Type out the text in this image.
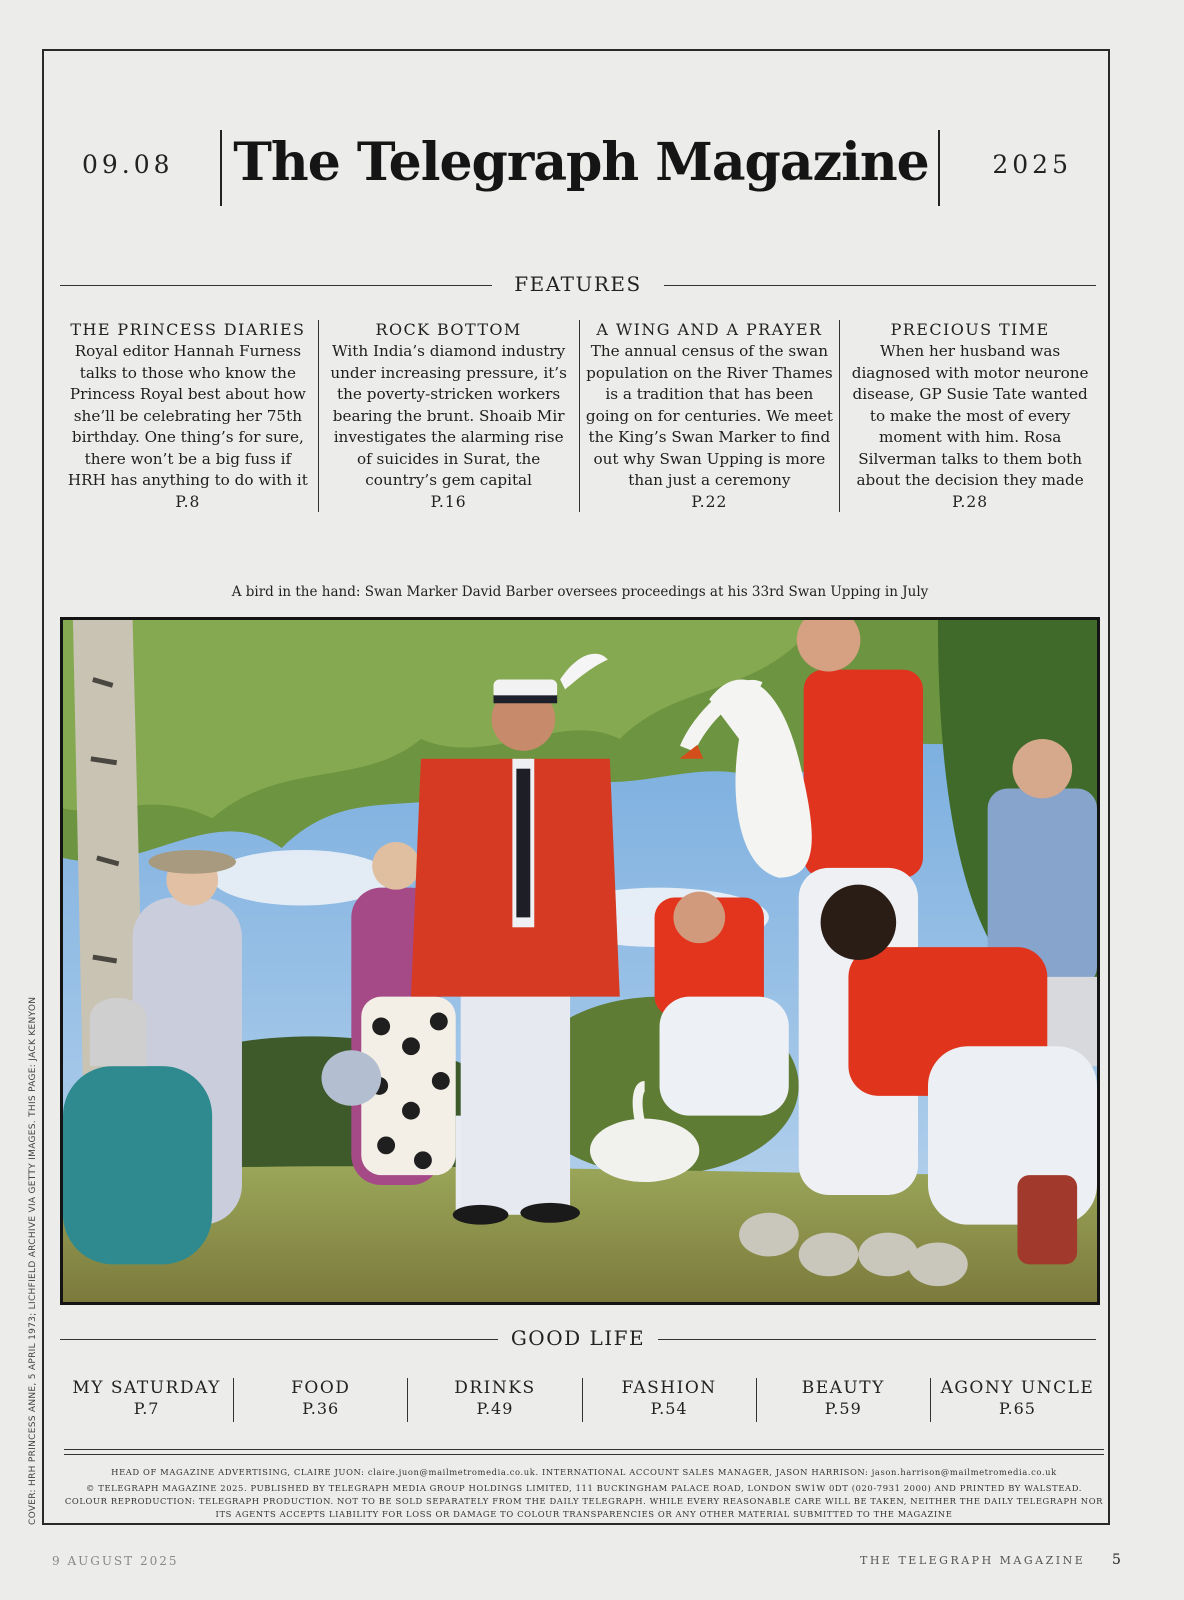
09.08 The Telegraph Magazine	2025
FEATURES
THE PRINCESS DIARIES
Royal editor Hannah Furness talks to those who know the Princess Royal best about how she’ll be celebrating her 75th birthday. One thing’s for sure, there won’t be a big fuss if HRH has anything to do with it
P.8
ROCK BOTTOM
With India’s diamond industry under increasing pressure, it’s the poverty-stricken workers bearing the brunt. Shoaib Mir investigates the alarming rise of suicides in Surat, the country’s gem capital
P.16
A WING AND A PRAYER
The annual census of the swan population on the River Thames is a tradition that has been going on for centuries. We meet the King’s Swan Marker to find out why Swan Upping is more than just a ceremony
P.22
PRECIOUS TIME
When her husband was diagnosed with motor neurone disease, GP Susie Tate wanted to make the most of every moment with him. Rosa Silverman talks to them both about the decision they made
P.28
A bird in the hand: Swan Marker David Barber oversees proceedings at his 33rd Swan Upping in July
GOOD LIFE
MY SATURDAY
P.7
FOOD
P.36
DRINKS
P.49
FASHION
P.54
BEAUTY
P.59
AGONY UNCLE
P.65

HEAD OF MAGAZINE ADVERTISING, CLAIRE JUON: claire.juon@mailmetromedia.co.uk. INTERNATIONAL ACCOUNT SALES MANAGER, JASON HARRISON: jason.harrison@mailmetromedia.co.uk

© TELEGRAPH MAGAZINE 2025. PUBLISHED BY TELEGRAPH MEDIA GROUP HOLDINGS LIMITED, 111 BUCKINGHAM PALACE ROAD, LONDON SW1W 0DT (020-7931 2000) AND PRINTED BY WALSTEAD. COLOUR REPRODUCTION: TELEGRAPH PRODUCTION. NOT TO BE SOLD SEPARATELY FROM THE DAILY TELEGRAPH. WHILE EVERY REASONABLE CARE WILL BE TAKEN, NEITHER THE DAILY TELEGRAPH NOR ITS AGENTS ACCEPTS LIABILITY FOR LOSS OR DAMAGE TO COLOUR TRANSPARENCIES OR ANY OTHER MATERIAL SUBMITTED TO THE MAGAZINE

COVER: HRH PRINCESS ANNE, 5 APRIL 1973; LICHFIELD ARCHIVE VIA GETTY IMAGES. THIS PAGE: JACK KENYON
9 AUGUST 2025	THE TELEGRAPH MAGAZINE 5
